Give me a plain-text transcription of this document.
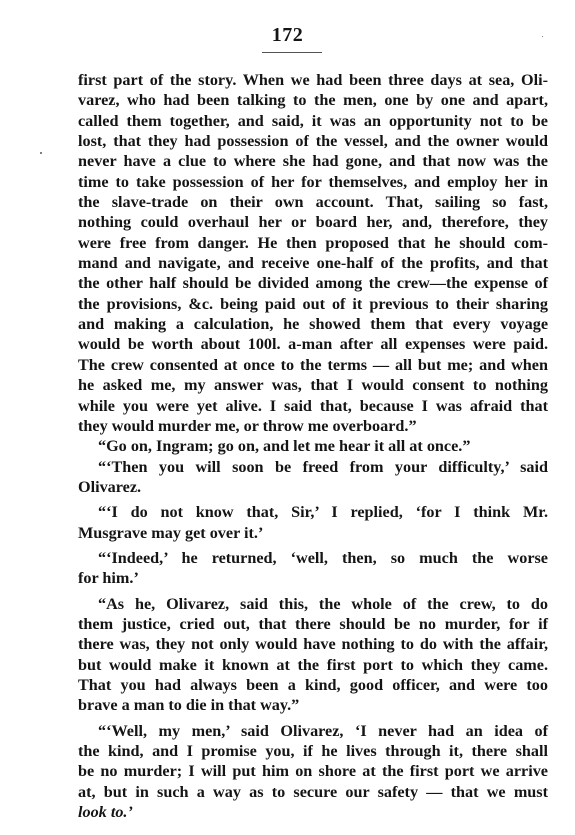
172
first part of the story. When we had been three days at sea, Oli-
varez, who had been talking to the men, one by one and apart,
called them together, and said, it was an opportunity not to be
lost, that they had possession of the vessel, and the owner would
never have a clue to where she had gone, and that now was the
time to take possession of her for themselves, and employ her in
the slave-trade on their own account. That, sailing so fast,
nothing could overhaul her or board her, and, therefore, they
were free from danger. He then proposed that he should com-
mand and navigate, and receive one-half of the profits, and that
the other half should be divided among the crew—the expense of
the provisions, &c. being paid out of it previous to their sharing
and making a calculation, he showed them that every voyage
would be worth about 100l. a-man after all expenses were paid.
The crew consented at once to the terms — all but me; and when
he asked me, my answer was, that I would consent to nothing
while you were yet alive. I said that, because I was afraid that
they would murder me, or throw me overboard.”
“Go on, Ingram; go on, and let me hear it all at once.”
“‘Then you will soon be freed from your difficulty,’ said
Olivarez.
“‘I do not know that, Sir,’ I replied, ‘for I think Mr.
Musgrave may get over it.’
“‘Indeed,’ he returned, ‘well, then, so much the worse
for him.’
“As he, Olivarez, said this, the whole of the crew, to do
them justice, cried out, that there should be no murder, for if
there was, they not only would have nothing to do with the affair,
but would make it known at the first port to which they came.
That you had always been a kind, good officer, and were too
brave a man to die in that way.”
“‘Well, my men,’ said Olivarez, ‘I never had an idea of
the kind, and I promise you, if he lives through it, there shall
be no murder; I will put him on shore at the first port we arrive
at, but in such a way as to secure our safety — that we must
look to.’
